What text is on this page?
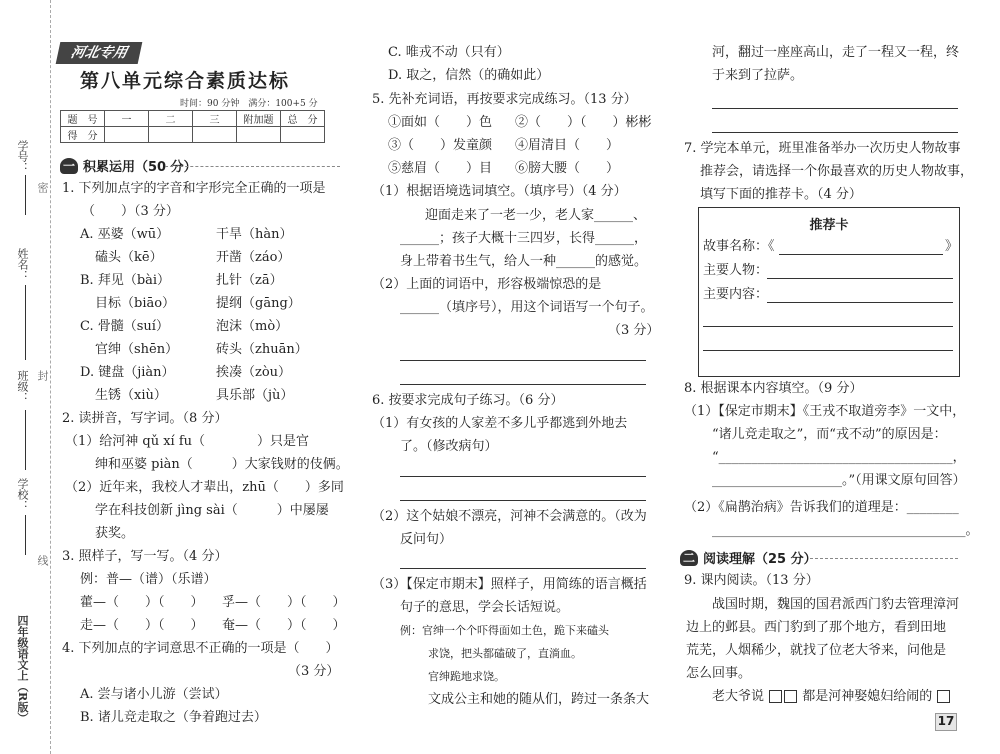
学号：
密
姓名：
封
班级：
学校：
线
四年级语文上（R版）
河北专用
第八单元综合素质达标
时间：90 分钟　满分：100+5 分
题　号	一	二	三	附加题	总　分
得　分					
一 积累运用（50 分）
1. 下列加点字的字音和字形完全正确的一项是
（　　）（3 分）
A. 巫婆（wū）	干旱（hàn）
磕头（kē）	开凿（záo）
B. 拜见（bài）	扎针（zā）
目标（biāo）	提纲（gāng）
C. 骨髓（suí）	泡沫（mò）
官绅（shēn）	砖头（zhuān）
D. 键盘（jiàn）	挨凑（zòu）
生锈（xiù）	具乐部（jù）
2. 读拼音，写字词。（8 分）
（1）给河神 qǔ xí fu（　　　　）只是官
绅和巫婆 piàn（　　　）大家钱财的伎俩。
（2）近年来，我校人才辈出，zhū（　　）多同
学在科技创新 jìng sài（　　　）中屡屡
获奖。
3. 照样子，写一写。（4 分）
例：普—（谱）（乐谱）
藿—（　　）（　　） 孚—（　　）（　　）
走—（　　）（　　） 奄—（　　）（　　）
4. 下列加点的字词意思不正确的一项是（　　）
（3 分）
A. 尝与诸小儿游（尝试）
B. 诸儿竞走取之（争着跑过去）
C. 唯戎不动（只有）
D. 取之，信然（的确如此）
5. 先补充词语，再按要求完成练习。（13 分）
①面如（　　）色 ②（　　）（　　）彬彬
③（　　）发童颜 ④眉清目（　　）
⑤慈眉（　　）目 ⑥膀大腰（　　）
（1）根据语境选词填空。（填序号）（4 分）
迎面走来了一老一少，老人家______、
______；孩子大概十三四岁，长得______，
身上带着书生气，给人一种______的感觉。
（2）上面的词语中，形容极端惊恐的是
______（填序号），用这个词语写一个句子。
（3 分）
6. 按要求完成句子练习。（6 分）
（1）有女孩的人家差不多儿乎都逃到外地去
了。（修改病句）
（2）这个姑娘不漂亮，河神不会满意的。（改为
反问句）
（3）【保定市期末】照样子，用简练的语言概括
句子的意思，学会长话短说。
例：官绅一个个吓得面如土色，跪下来磕头
求饶，把头都磕破了，直淌血。
官绅跪地求饶。
文成公主和她的随从们，跨过一条条大
河，翻过一座座高山，走了一程又一程，终
于来到了拉萨。
7. 学完本单元，班里准备举办一次历史人物故事
推荐会，请选择一个你最喜欢的历史人物故事，
填写下面的推荐卡。（4 分）
推荐卡
故事名称：《	》
主要人物：
主要内容：
8. 根据课本内容填空。（9 分）
（1）【保定市期末】《王戎不取道旁李》一文中，
“诸儿竞走取之”，而“戎不动”的原因是：
“____________________________________，
____________________。”（用课文原句回答）
（2）《扁鹊治病》告诉我们的道理是：________
_______________________________________。
二 阅读理解（25 分）
9. 课内阅读。（13 分）
战国时期，魏国的国君派西门豹去管理漳河
边上的邺县。西门豹到了那个地方，看到田地
荒芜，人烟稀少，就找了位老大爷来，问他是
怎么回事。
老大爷说	都是河神娶媳妇给闹的
17
